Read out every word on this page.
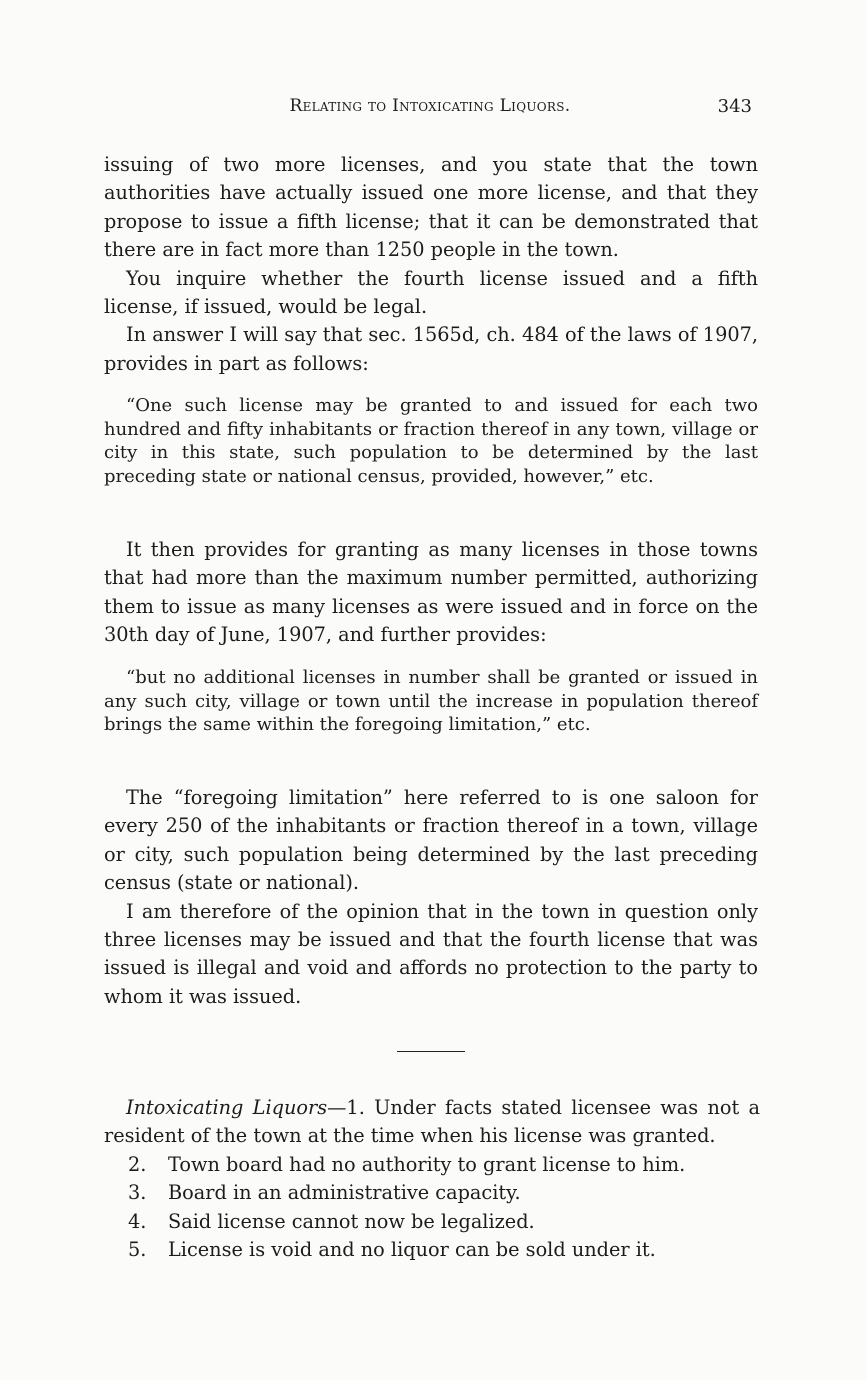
Relating to Intoxicating Liquors.	343

issuing of two more licenses, and you state that the town authorities have actually issued one more license, and that they propose to issue a fifth license; that it can be demonstrated that there are in fact more than 1250 people in the town.

You inquire whether the fourth license issued and a fifth license, if issued, would be legal.

In answer I will say that sec. 1565d, ch. 484 of the laws of 1907, provides in part as follows:

“One such license may be granted to and issued for each two hundred and fifty inhabitants or fraction thereof in any town, village or city in this state, such population to be determined by the last preceding state or national census, provided, however,” etc.

It then provides for granting as many licenses in those towns that had more than the maximum number permitted, authorizing them to issue as many licenses as were issued and in force on the 30th day of June, 1907, and further provides:

“but no additional licenses in number shall be granted or issued in any such city, village or town until the increase in population thereof brings the same within the foregoing limitation,” etc.

The “foregoing limitation” here referred to is one saloon for every 250 of the inhabitants or fraction thereof in a town, village or city, such population being determined by the last preceding census (state or national).

I am therefore of the opinion that in the town in question only three licenses may be issued and that the fourth license that was issued is illegal and void and affords no protection to the party to whom it was issued.

Intoxicating Liquors—1. Under facts stated licensee was not a resident of the town at the time when his license was granted.

2.	Town board had no authority to grant license to him.
3.	Board in an administrative capacity.
4.	Said license cannot now be legalized.
5.	License is void and no liquor can be sold under it.
